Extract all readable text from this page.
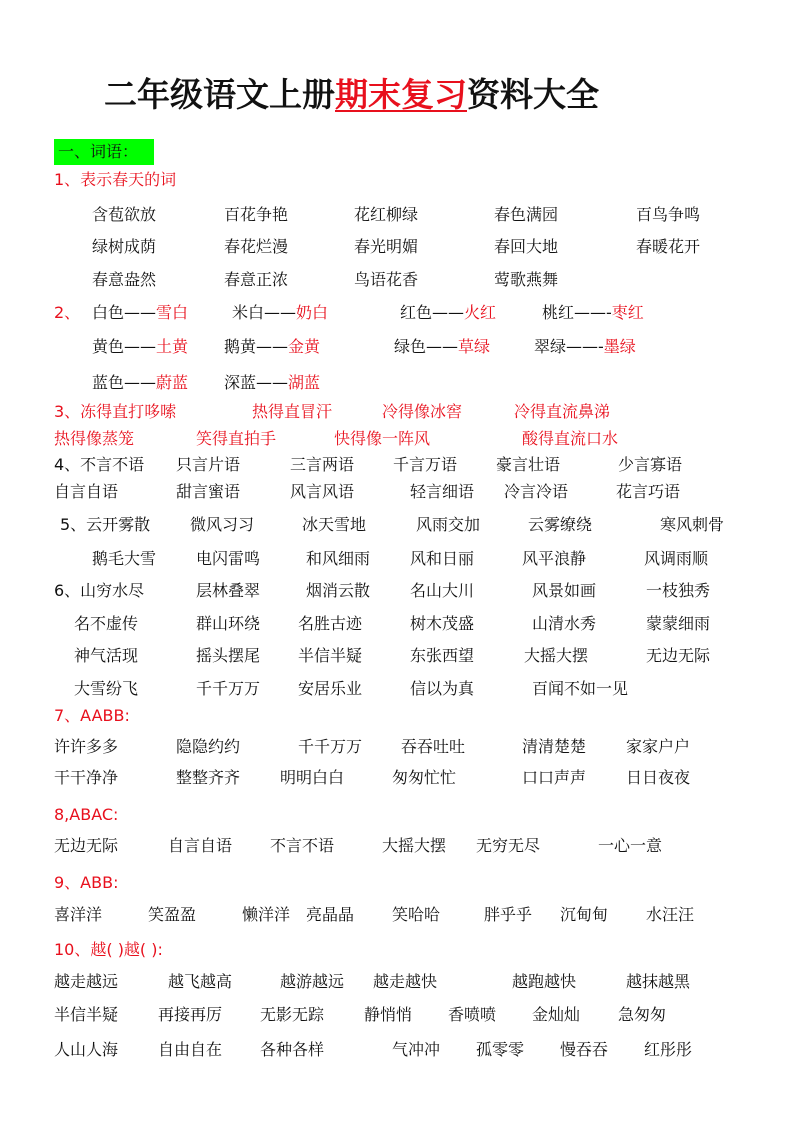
二年级语文上册期末复习资料大全
一、词语：
1、表示春天的词
含苞欲放	百花争艳	花红柳绿	春色满园	百鸟争鸣
绿树成荫	春花烂漫	春光明媚	春回大地	春暖花开
春意盎然	春意正浓	鸟语花香	莺歌燕舞
2、 白色——雪白	米白——奶白	红色——火红	桃红——-枣红
黄色——土黄 鹅黄——金黄	绿色——草绿	翠绿——-墨绿
蓝色——蔚蓝 深蓝——湖蓝
3、冻得直打哆嗦	热得直冒汗	冷得像冰窖	冷得直流鼻涕
热得像蒸笼	笑得直拍手	快得像一阵风	酸得直流口水
4、不言不语 只言片语	三言两语 千言万语 豪言壮语	少言寡语
自言自语	甜言蜜语	风言风语	轻言细语 冷言冷语	花言巧语
5、云开雾散 微风习习	冰天雪地	风雨交加	云雾缭绕	寒风刺骨
鹅毛大雪 电闪雷鸣	和风细雨 风和日丽	风平浪静	风调雨顺
6、山穷水尽	层林叠翠	烟消云散 名山大川	风景如画	一枝独秀
名不虚传	群山环绕 名胜古迹	树木茂盛	山清水秀	蒙蒙细雨
神气活现	摇头摆尾 半信半疑	东张西望	大摇大摆	无边无际
大雪纷飞	千千万万 安居乐业	信以为真	百闻不如一见
7、AABB:
许许多多	隐隐约约	千千万万 吞吞吐吐	清清楚楚 家家户户
干干净净	整整齐齐 明明白白	匆匆忙忙	口口声声 日日夜夜
8,ABAC:
无边无际	自言自语 不言不语	大摇大摆 无穷无尽	一心一意
9、ABB:
喜洋洋	笑盈盈	懒洋洋 亮晶晶 笑哈哈	胖乎乎 沉甸甸 水汪汪
10、越( )越( ):
越走越远	越飞越高	越游越远 越走越快	越跑越快	越抹越黑
半信半疑 再接再厉 无影无踪 静悄悄 香喷喷 金灿灿 急匆匆
人山人海 自由自在 各种各样	气冲冲 孤零零 慢吞吞 红彤彤
